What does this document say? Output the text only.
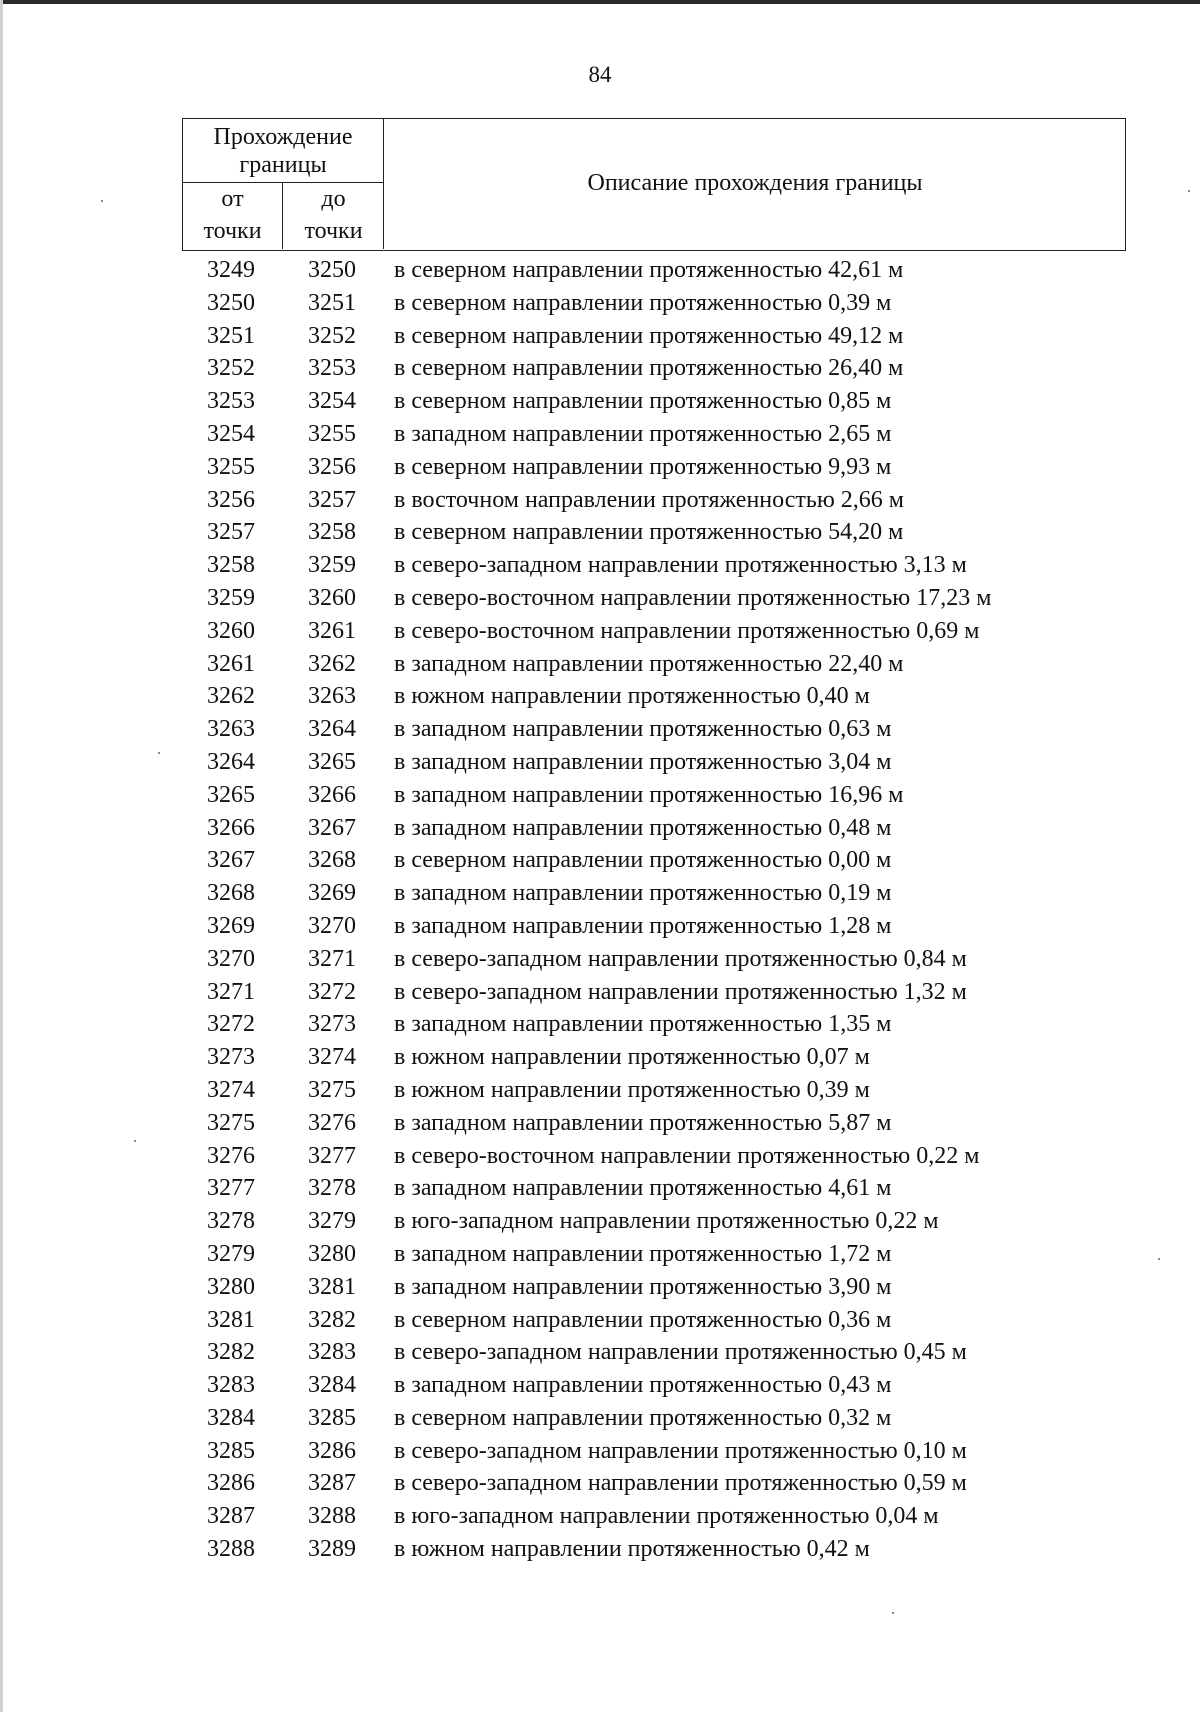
84
Прохождение границы
от
точки
до
точки
Описание прохождения границы
3249	3250	в северном направлении протяженностью 42,61 м
3250	3251	в северном направлении протяженностью 0,39 м
3251	3252	в северном направлении протяженностью 49,12 м
3252	3253	в северном направлении протяженностью 26,40 м
3253	3254	в северном направлении протяженностью 0,85 м
3254	3255	в западном направлении протяженностью 2,65 м
3255	3256	в северном направлении протяженностью 9,93 м
3256	3257	в восточном направлении протяженностью 2,66 м
3257	3258	в северном направлении протяженностью 54,20 м
3258	3259	в северо-западном направлении протяженностью 3,13 м
3259	3260	в северо-восточном направлении протяженностью 17,23 м
3260	3261	в северо-восточном направлении протяженностью 0,69 м
3261	3262	в западном направлении протяженностью 22,40 м
3262	3263	в южном направлении протяженностью 0,40 м
3263	3264	в западном направлении протяженностью 0,63 м
3264	3265	в западном направлении протяженностью 3,04 м
3265	3266	в западном направлении протяженностью 16,96 м
3266	3267	в западном направлении протяженностью 0,48 м
3267	3268	в северном направлении протяженностью 0,00 м
3268	3269	в западном направлении протяженностью 0,19 м
3269	3270	в западном направлении протяженностью 1,28 м
3270	3271	в северо-западном направлении протяженностью 0,84 м
3271	3272	в северо-западном направлении протяженностью 1,32 м
3272	3273	в западном направлении протяженностью 1,35 м
3273	3274	в южном направлении протяженностью 0,07 м
3274	3275	в южном направлении протяженностью 0,39 м
3275	3276	в западном направлении протяженностью 5,87 м
3276	3277	в северо-восточном направлении протяженностью 0,22 м
3277	3278	в западном направлении протяженностью 4,61 м
3278	3279	в юго-западном направлении протяженностью 0,22 м
3279	3280	в западном направлении протяженностью 1,72 м
3280	3281	в западном направлении протяженностью 3,90 м
3281	3282	в северном направлении протяженностью 0,36 м
3282	3283	в северо-западном направлении протяженностью 0,45 м
3283	3284	в западном направлении протяженностью 0,43 м
3284	3285	в северном направлении протяженностью 0,32 м
3285	3286	в северо-западном направлении протяженностью 0,10 м
3286	3287	в северо-западном направлении протяженностью 0,59 м
3287	3288	в юго-западном направлении протяженностью 0,04 м
3288	3289	в южном направлении протяженностью 0,42 м
